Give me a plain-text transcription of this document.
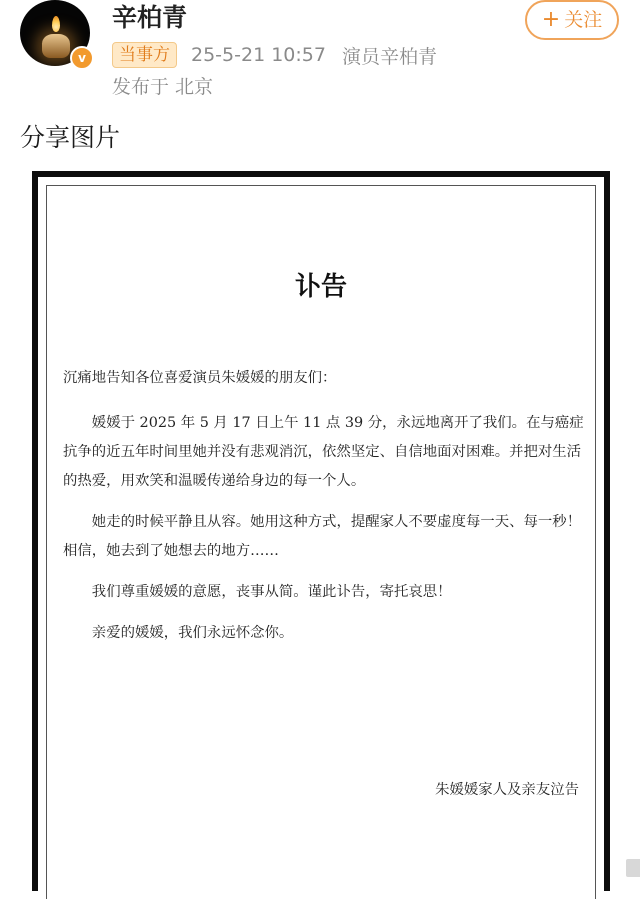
v
辛柏青	+ 关注
当事方	25-5-21 10:57 演员辛柏青
发布于 北京
分享图片
讣告

沉痛地告知各位喜爱演员朱媛媛的朋友们：

媛媛于 2025 年 5 月 17 日上午 11 点 39 分，永远地离开了我们。在与癌症抗争的近五年时间里她并没有悲观消沉，依然坚定、自信地面对困难。并把对生活的热爱，用欢笑和温暖传递给身边的每一个人。

她走的时候平静且从容。她用这种方式，提醒家人不要虚度每一天、每一秒！相信，她去到了她想去的地方……

我们尊重媛媛的意愿，丧事从简。谨此讣告，寄托哀思！

亲爱的媛媛，我们永远怀念你。

朱媛媛家人及亲友泣告
